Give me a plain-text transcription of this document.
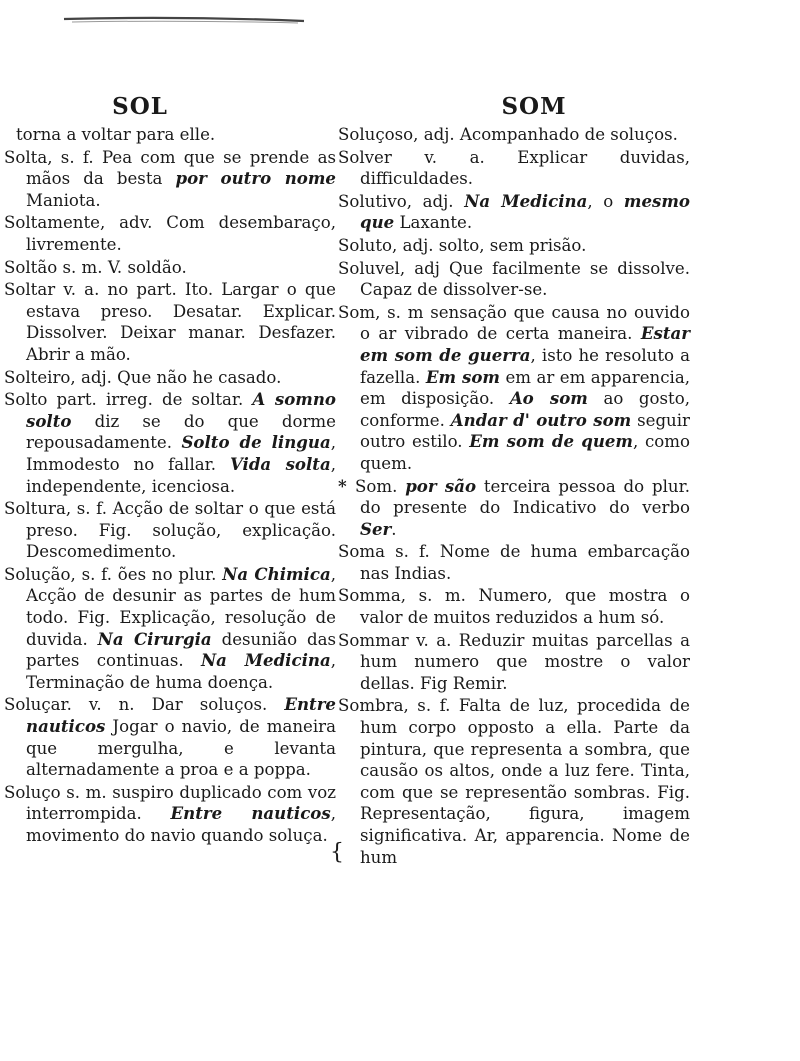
SOL
torna a voltar para elle.
Solta, s. f. Pea com que se prende as mãos da besta por outro nome Maniota.
Soltamente, adv. Com desembaraço, livremente.
Soltão s. m. V. soldão.
Soltar v. a. no part. Ito. Largar o que estava preso. Desatar. Explicar. Dissolver. Deixar manar. Desfazer. Abrir a mão.
Solteiro, adj. Que não he casado.
Solto part. irreg. de soltar. A somno solto diz se do que dorme repousadamente. Solto de lingua, Immodesto no fallar. Vida solta, independente, icenciosa.
Soltura, s. f. Acção de soltar o que está preso. Fig. solução, explicação. Descomedimento.
Solução, s. f. ões no plur. Na Chimica, Acção de desunir as partes de hum todo. Fig. Explicação, resolução de duvida. Na Cirurgia desunião das partes continuas. Na Medicina, Terminação de huma doença.
Soluçar. v. n. Dar soluços. Entre nauticos Jogar o navio, de maneira que mergulha, e levanta alternadamente a proa e a poppa.
Soluço s. m. suspiro duplicado com voz interrompida. Entre nauticos, movimento do navio quando soluça.
SOM
Soluçoso, adj. Acompanhado de soluços.
Solver v. a. Explicar duvidas, difficuldades.
Solutivo, adj. Na Medicina, o mesmo que Laxante.
Soluto, adj. solto, sem prisão.
Soluvel, adj Que facilmente se dissolve. Capaz de dissolver-se.
Som, s. m sensação que causa no ouvido o ar vibrado de certa maneira. Estar em som de guerra, isto he resoluto a fazella. Em som em ar em apparencia, em disposição. Ao som ao gosto, conforme. Andar d' outro som seguir outro estilo. Em som de quem, como quem.
* Som. por são terceira pessoa do plur. do presente do Indicativo do verbo Ser.
Soma s. f. Nome de huma embarcação nas Indias.
Somma, s. m. Numero, que mostra o valor de muitos reduzidos a hum só.
Sommar v. a. Reduzir muitas parcellas a hum numero que mostre o valor dellas. Fig Remir.
Sombra, s. f. Falta de luz, procedida de hum corpo opposto a ella. Parte da pintura, que representa a sombra, que causão os altos, onde a luz fere. Tinta, com que se representão sombras. Fig. Representação, figura, imagem significativa. Ar, apparencia. Nome de hum
{
